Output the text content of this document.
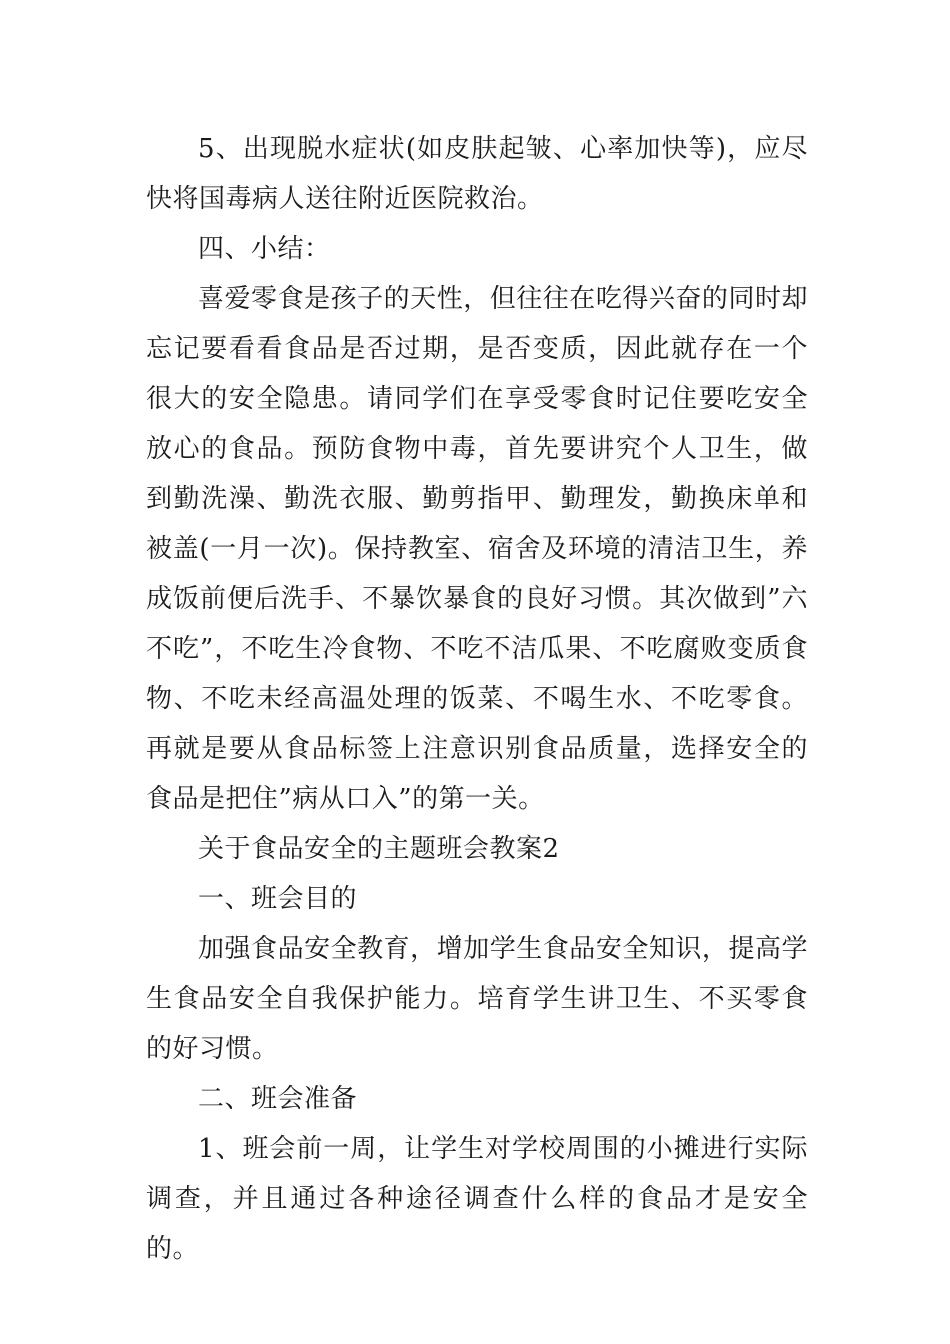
5、出现脱水症状(如皮肤起皱、心率加快等)，应尽快将国毒病人送往附近医院救治。

四、小结：

喜爱零食是孩子的天性，但往往在吃得兴奋的同时却忘记要看看食品是否过期，是否变质，因此就存在一个很大的安全隐患。请同学们在享受零食时记住要吃安全放心的食品。预防食物中毒，首先要讲究个人卫生，做到勤洗澡、勤洗衣服、勤剪指甲、勤理发，勤换床单和被盖(一月一次)。保持教室、宿舍及环境的清洁卫生，养成饭前便后洗手、不暴饮暴食的良好习惯。其次做到”六不吃”，不吃生冷食物、不吃不洁瓜果、不吃腐败变质食物、不吃未经高温处理的饭菜、不喝生水、不吃零食。再就是要从食品标签上注意识别食品质量，选择安全的食品是把住”病从口入”的第一关。

关于食品安全的主题班会教案2

一、班会目的

加强食品安全教育，增加学生食品安全知识，提高学生食品安全自我保护能力。培育学生讲卫生、不买零食的好习惯。

二、班会准备

1、班会前一周，让学生对学校周围的小摊进行实际调查，并且通过各种途径调查什么样的食品才是安全的。
